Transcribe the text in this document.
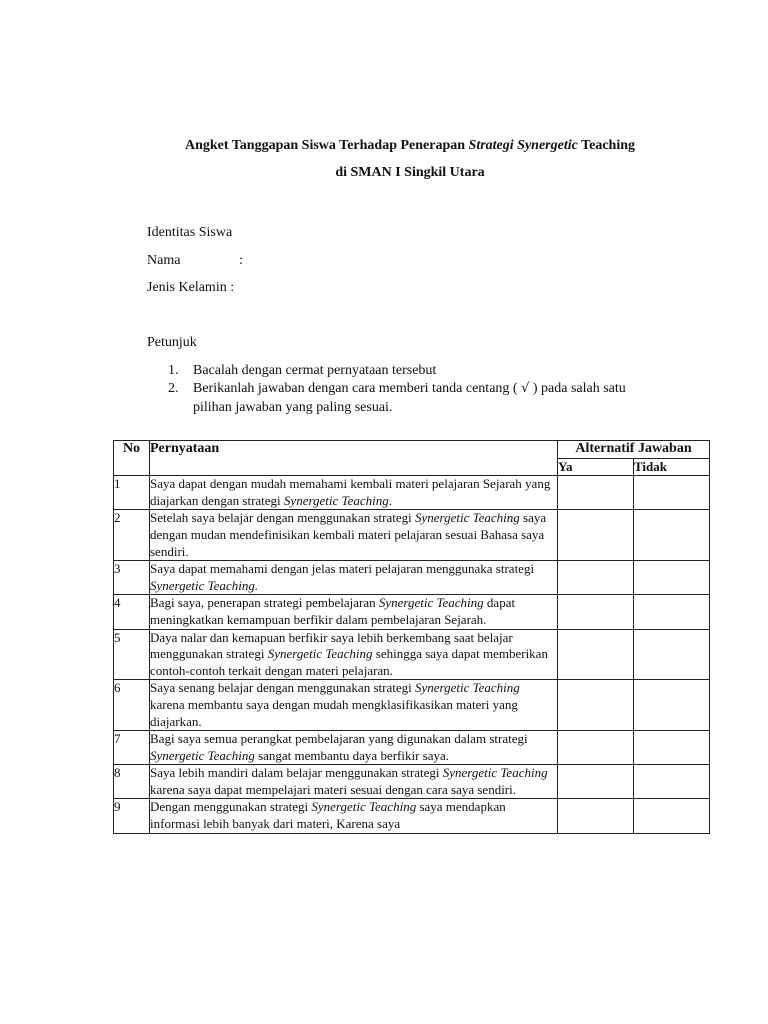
Angket Tanggapan Siswa Terhadap Penerapan Strategi Synergetic Teaching
di SMAN I Singkil Utara
Identitas Siswa
Nama	:
Jenis Kelamin :
Petunjuk
1. Bacalah dengan cermat pernyataan tersebut
2. Berikanlah jawaban dengan cara memberi tanda centang ( √ ) pada salah satu
pilihan jawaban yang paling sesuai.
No	Pernyataan	Alternatif Jawaban	
		Ya	Tidak
1	Saya dapat dengan mudah memahami kembali materi pelajaran Sejarah yang diajarkan dengan strategi Synergetic Teaching.		
2	Setelah saya belajar dengan menggunakan strategi Synergetic Teaching saya dengan mudan mendefinisikan kembali materi pelajaran sesuai Bahasa saya sendiri.		
3	Saya dapat memahami dengan jelas materi pelajaran menggunaka strategi Synergetic Teaching.		
4	Bagi saya, penerapan strategi pembelajaran Synergetic Teaching dapat meningkatkan kemampuan berfikir dalam pembelajaran Sejarah.		
5	Daya nalar dan kemapuan berfikir saya lebih berkembang saat belajar menggunakan strategi Synergetic Teaching sehingga saya dapat memberikan contoh-contoh terkait dengan materi pelajaran.		
6	Saya senang belajar dengan menggunakan strategi Synergetic Teaching karena membantu saya dengan mudah mengklasifikasikan materi yang diajarkan.		
7	Bagi saya semua perangkat pembelajaran yang digunakan dalam strategi Synergetic Teaching sangat membantu daya berfikir saya.		
8	Saya lebih mandiri dalam belajar menggunakan strategi Synergetic Teaching karena saya dapat mempelajari materi sesuai dengan cara saya sendiri.		
9	Dengan menggunakan strategi Synergetic Teaching saya mendapkan informasi lebih banyak dari materi, Karena saya		
